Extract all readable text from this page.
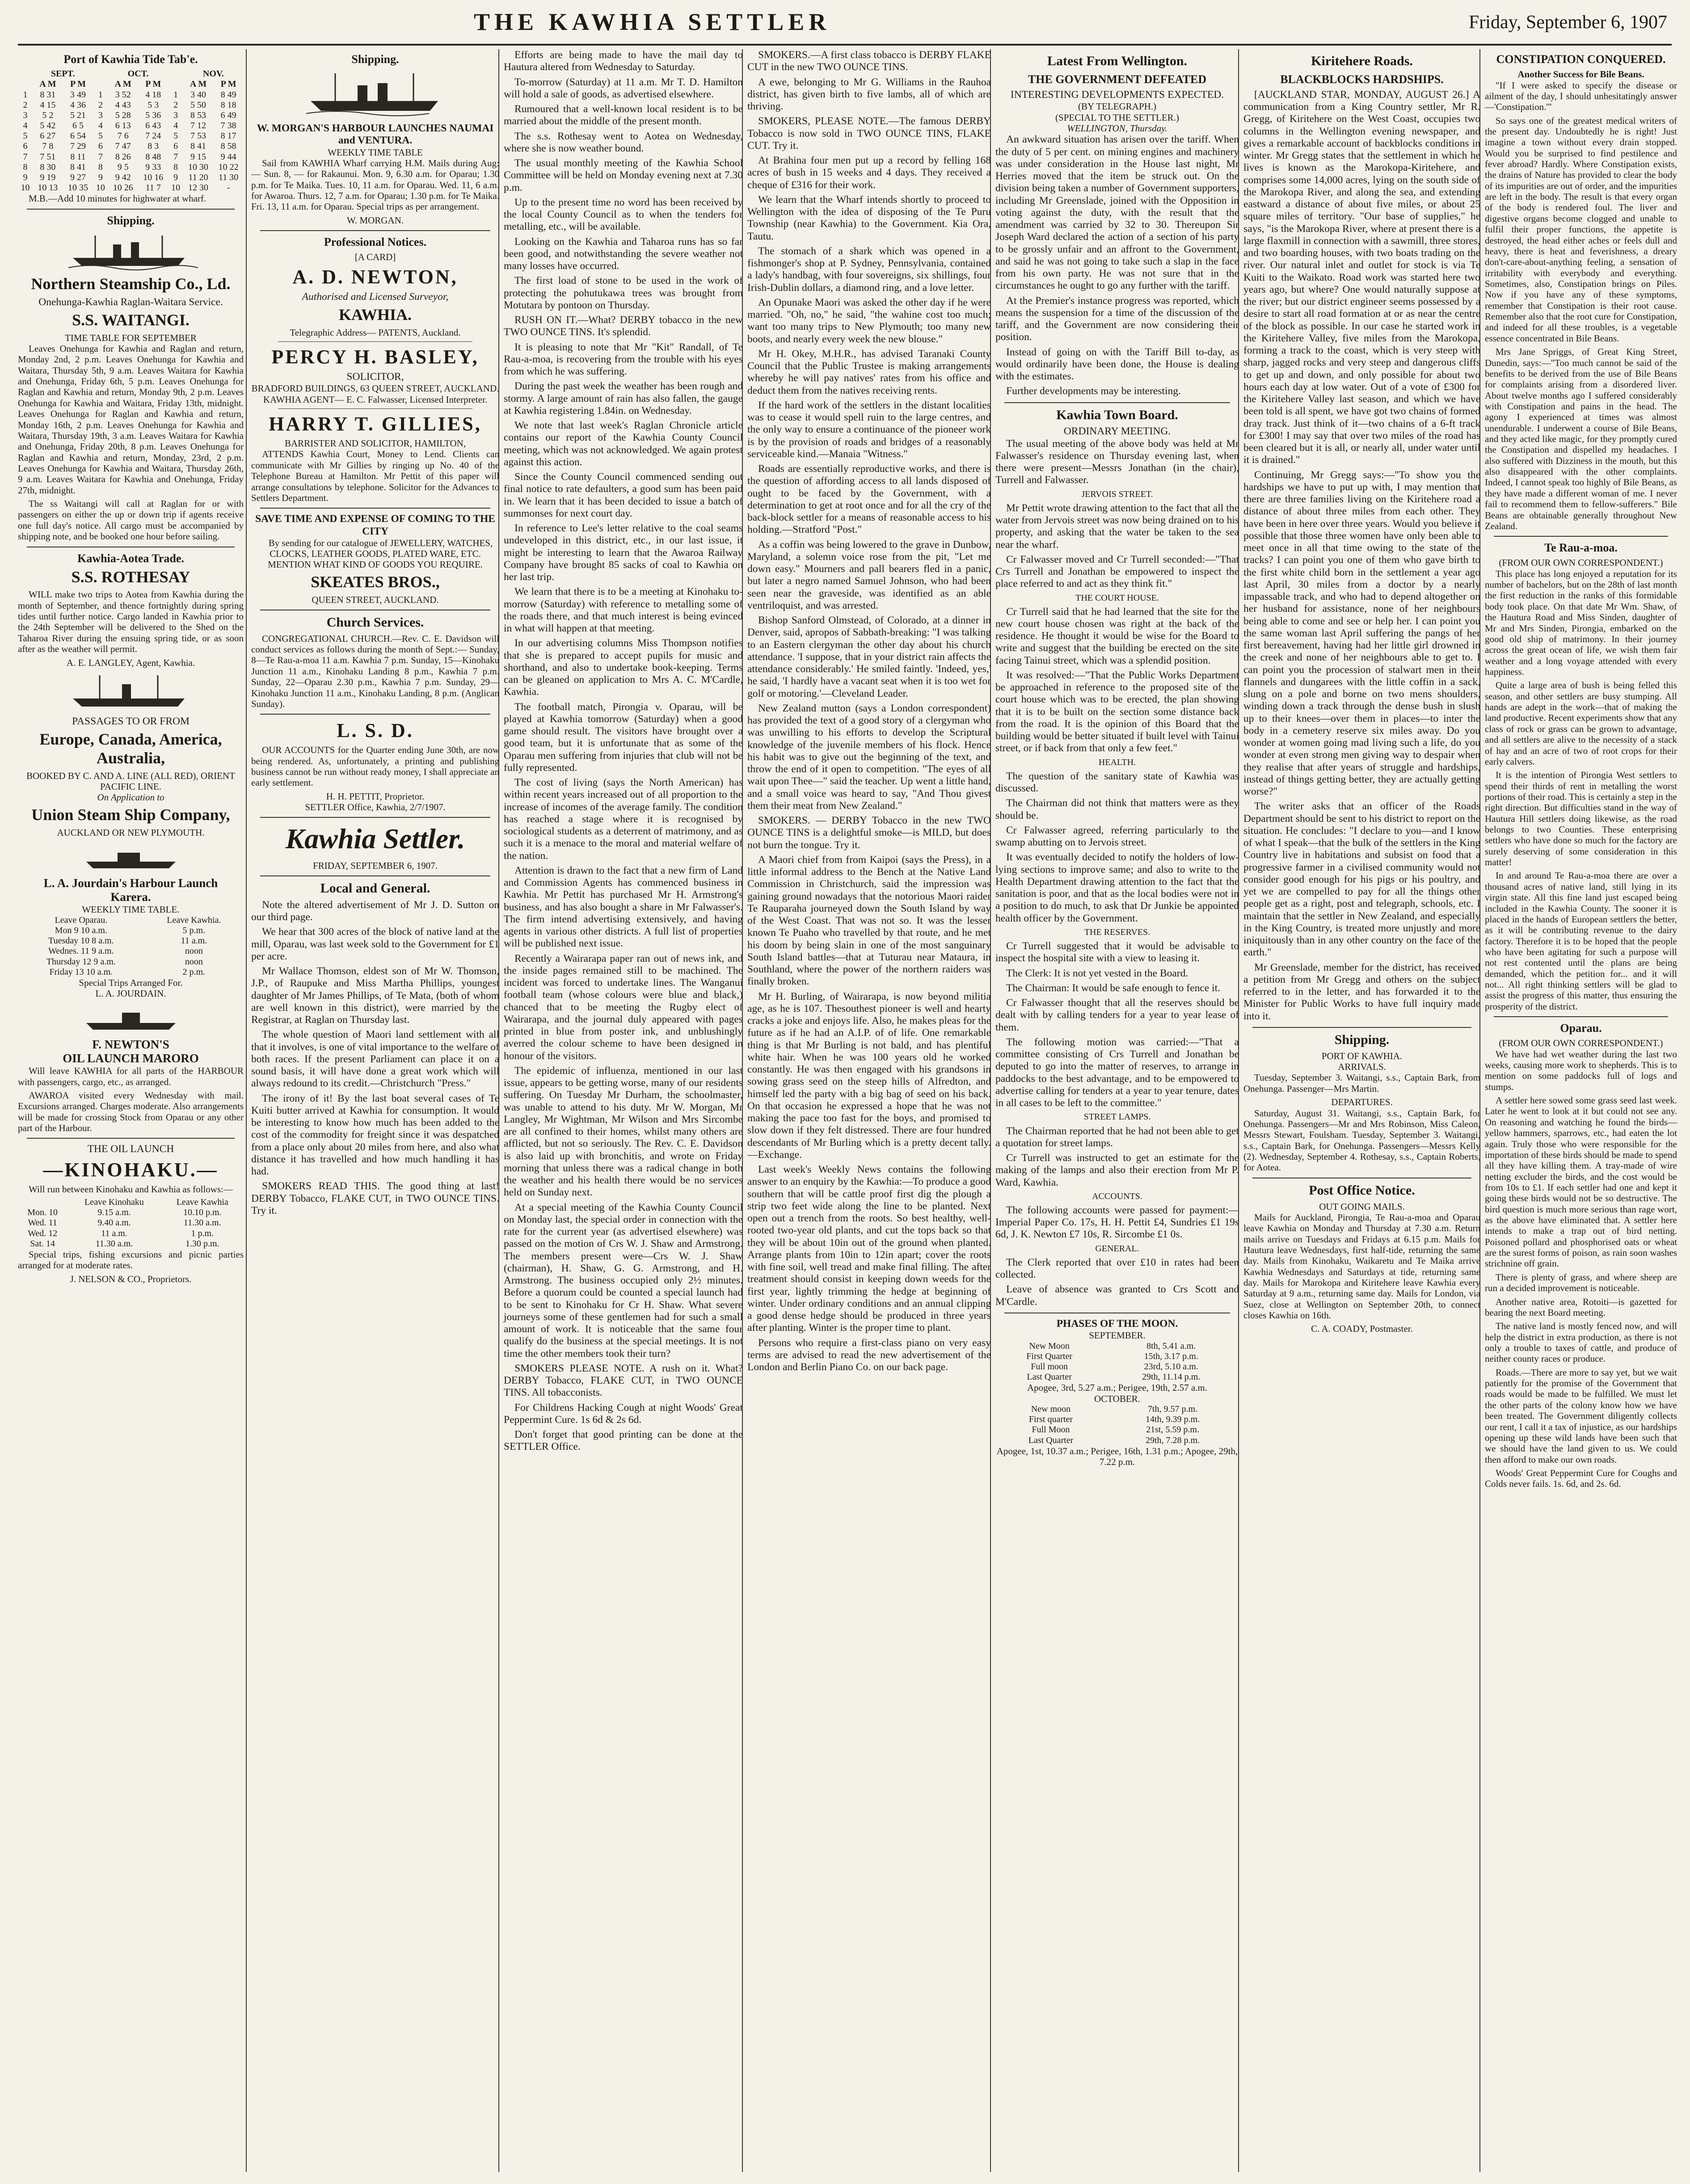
THE KAWHIA SETTLER	Friday, September 6, 1907
Port of Kawhia Tide Tab'e.
	SEPT.			OCT.			NOV.	
	A M	P M		A M	P M		A M	P M
1	8 31	3 49	1	3 52	4 18	1	3 40	8 49
2	4 15	4 36	2	4 43	5 3	2	5 50	8 18
3	5 2	5 21	3	5 28	5 36	3	8 53	6 49
4	5 42	6 5	4	6 13	6 43	4	7 12	7 38
5	6 27	6 54	5	7 6	7 24	5	7 53	8 17
6	7 8	7 29	6	7 47	8 3	6	8 41	8 58
7	7 51	8 11	7	8 26	8 48	7	9 15	9 44
8	8 30	8 41	8	9 5	9 33	8	10 30	10 22
9	9 19	9 27	9	9 42	10 16	9	11 20	11 30
10	10 13	10 35	10	10 26	11 7	10	12 30	-

M.B.—Add 10 minutes for highwater at wharf.

Shipping.
Northern Steamship Co., Ld.
Onehunga-Kawhia Raglan-Waitara Service.
S.S. WAITANGI.
TIME TABLE FOR SEPTEMBER

Leaves Onehunga for Kawhia and Raglan and return, Monday 2nd, 2 p.m. Leaves Onehunga for Kawhia and Waitara, Thursday 5th, 9 a.m. Leaves Waitara for Kawhia and Onehunga, Friday 6th, 5 p.m. Leaves Onehunga for Raglan and Kawhia and return, Monday 9th, 2 p.m. Leaves Onehunga for Kawhia and Waitara, Friday 13th, midnight. Leaves Onehunga for Raglan and Kawhia and return, Monday 16th, 2 p.m. Leaves Onehunga for Kawhia and Waitara, Thursday 19th, 3 a.m. Leaves Waitara for Kawhia and Onehunga, Friday 20th, 8 p.m. Leaves Onehunga for Raglan and Kawhia and return, Monday, 23rd, 2 p.m. Leaves Onehunga for Kawhia and Waitara, Thursday 26th, 9 a.m. Leaves Waitara for Kawhia and Onehunga, Friday 27th, midnight.

The ss Waitangi will call at Raglan for or with passengers on either the up or down trip if agents receive one full day's notice. All cargo must be accompanied by shipping note, and be booked one hour before sailing.

Kawhia-Aotea Trade.
S.S. ROTHESAY

WILL make two trips to Aotea from Kawhia during the month of September, and thence fortnightly during spring tides until further notice. Cargo landed in Kawhia prior to the 24th September will be delivered to the Shed on the Taharoa River during the ensuing spring tide, or as soon after as the weather will permit.

A. E. LANGLEY, Agent, Kawhia.
PASSAGES TO OR FROM
Europe, Canada, America, Australia,
BOOKED BY C. AND A. LINE (ALL RED), ORIENT PACIFIC LINE.
On Application to
Union Steam Ship Company,
AUCKLAND OR NEW PLYMOUTH.
L. A. Jourdain's Harbour Launch
Karera.
WEEKLY TIME TABLE.
Leave Oparau.	Leave Kawhia.
Mon 9 10 a.m.	5 p.m.
Tuesday 10 8 a.m.	11 a.m.
Wednes. 11 9 a.m.	noon
Thursday 12 9 a.m.	noon
Friday 13 10 a.m.	2 p.m.
Special Trips Arranged For.
L. A. JOURDAIN.
F. NEWTON'S
OIL LAUNCH MARORO

Will leave KAWHIA for all parts of the HARBOUR with passengers, cargo, etc., as arranged.

AWAROA visited every Wednesday with mail. Excursions arranged. Charges moderate. Also arrangements will be made for crossing Stock from Oparau or any other part of the Harbour.

THE OIL LAUNCH
—KINOHAKU.—

Will run between Kinohaku and Kawhia as follows:—

	Leave Kinohaku	Leave Kawhia
Mon. 10	9.15 a.m.	10.10 p.m.
Wed. 11	9.40 a.m.	11.30 a.m.
Wed. 12	11 a.m.	1 p.m.
Sat. 14	11.30 a.m.	1.30 p.m.

Special trips, fishing excursions and picnic parties arranged for at moderate rates.

J. NELSON & CO., Proprietors.
Shipping.
W. MORGAN'S HARBOUR LAUNCHES NAUMAI and VENTURA.
WEEKLY TIME TABLE

Sail from KAWHIA Wharf carrying H.M. Mails during Aug:— Sun. 8, — for Rakaunui. Mon. 9, 6.30 a.m. for Oparau; 1.30 p.m. for Te Maika. Tues. 10, 11 a.m. for Oparau. Wed. 11, 6 a.m. for Awaroa. Thurs. 12, 7 a.m. for Oparau; 1.30 p.m. for Te Maika. Fri. 13, 11 a.m. for Oparau. Special trips as per arrangement.

W. MORGAN.
Professional Notices.
[A CARD]
A. D. NEWTON,
Authorised and Licensed Surveyor,
KAWHIA.
Telegraphic Address— PATENTS, Auckland.
PERCY H. BASLEY,
SOLICITOR,
BRADFORD BUILDINGS, 63 QUEEN STREET, AUCKLAND.
KAWHIA AGENT— E. C. Falwasser, Licensed Interpreter.
HARRY T. GILLIES,
BARRISTER AND SOLICITOR, HAMILTON,

ATTENDS Kawhia Court, Money to Lend. Clients can communicate with Mr Gillies by ringing up No. 40 of the Telephone Bureau at Hamilton. Mr Pettit of this paper will arrange consultations by telephone. Solicitor for the Advances to Settlers Department.

SAVE TIME AND EXPENSE OF COMING TO THE CITY

By sending for our catalogue of JEWELLERY, WATCHES, CLOCKS, LEATHER GOODS, PLATED WARE, ETC. MENTION WHAT KIND OF GOODS YOU REQUIRE.

SKEATES BROS.,
QUEEN STREET, AUCKLAND.
Church Services.

CONGREGATIONAL CHURCH.—Rev. C. E. Davidson will conduct services as follows during the month of Sept.:— Sunday, 8—Te Rau-a-moa 11 a.m. Kawhia 7 p.m. Sunday, 15—Kinohaku Junction 11 a.m., Kinohaku Landing 8 p.m., Kawhia 7 p.m. Sunday, 22—Oparau 2.30 p.m., Kawhia 7 p.m. Sunday, 29—Kinohaku Junction 11 a.m., Kinohaku Landing, 8 p.m. (Anglican Sunday).

L. S. D.

OUR ACCOUNTS for the Quarter ending June 30th, are now being rendered. As, unfortunately, a printing and publishing business cannot be run without ready money, I shall appreciate an early settlement.

H. H. PETTIT, Proprietor.
SETTLER Office, Kawhia, 2/7/1907.
Kawhia Settler.
FRIDAY, SEPTEMBER 6, 1907.
Local and General.

Note the altered advertisement of Mr J. D. Sutton on our third page.

We hear that 300 acres of the block of native land at the mill, Oparau, was last week sold to the Government for £1 per acre.

Mr Wallace Thomson, eldest son of Mr W. Thomson, J.P., of Raupuke and Miss Martha Phillips, youngest daughter of Mr James Phillips, of Te Mata, (both of whom are well known in this district), were married by the Registrar, at Raglan on Thursday last.

The whole question of Maori land settlement with all that it involves, is one of vital importance to the welfare of both races. If the present Parliament can place it on a sound basis, it will have done a great work which will always redound to its credit.—Christchurch "Press."

The irony of it! By the last boat several cases of Te Kuiti butter arrived at Kawhia for consumption. It would be interesting to know how much has been added to the cost of the commodity for freight since it was despatched from a place only about 20 miles from here, and also what distance it has travelled and how much handling it has had.

SMOKERS READ THIS. The good thing at last! DERBY Tobacco, FLAKE CUT, in TWO OUNCE TINS. Try it.

Efforts are being made to have the mail day to Hautura altered from Wednesday to Saturday.

To-morrow (Saturday) at 11 a.m. Mr T. D. Hamilton will hold a sale of goods, as advertised elsewhere.

Rumoured that a well-known local resident is to be married about the middle of the present month.

The s.s. Rothesay went to Aotea on Wednesday, where she is now weather bound.

The usual monthly meeting of the Kawhia School Committee will be held on Monday evening next at 7.30 p.m.

Up to the present time no word has been received by the local County Council as to when the tenders for metalling, etc., will be available.

Looking on the Kawhia and Taharoa runs has so far been good, and notwithstanding the severe weather not many losses have occurred.

The first load of stone to be used in the work of protecting the pohutukawa trees was brought from Motutara by pontoon on Thursday.

RUSH ON IT.—What? DERBY tobacco in the new TWO OUNCE TINS. It's splendid.

It is pleasing to note that Mr "Kit" Randall, of Te Rau-a-moa, is recovering from the trouble with his eyes from which he was suffering.

During the past week the weather has been rough and stormy. A large amount of rain has also fallen, the gauge at Kawhia registering 1.84in. on Wednesday.

We note that last week's Raglan Chronicle article contains our report of the Kawhia County Council meeting, which was not acknowledged. We again protest against this action.

Since the County Council commenced sending out final notice to rate defaulters, a good sum has been paid in. We learn that it has been decided to issue a batch of summonses for next court day.

In reference to Lee's letter relative to the coal seams undeveloped in this district, etc., in our last issue, it might be interesting to learn that the Awaroa Railway Company have brought 85 sacks of coal to Kawhia on her last trip.

We learn that there is to be a meeting at Kinohaku to-morrow (Saturday) with reference to metalling some of the roads there, and that much interest is being evinced in what will happen at that meeting.

In our advertising columns Miss Thompson notifies that she is prepared to accept pupils for music and shorthand, and also to undertake book-keeping. Terms can be gleaned on application to Mrs A. C. M'Cardle, Kawhia.

The football match, Pirongia v. Oparau, will be played at Kawhia tomorrow (Saturday) when a good game should result. The visitors have brought over a good team, but it is unfortunate that as some of the Oparau men suffering from injuries that club will not be fully represented.

The cost of living (says the North American) has within recent years increased out of all proportion to the increase of incomes of the average family. The condition has reached a stage where it is recognised by sociological students as a deterrent of matrimony, and as such it is a menace to the moral and material welfare of the nation.

Attention is drawn to the fact that a new firm of Land and Commission Agents has commenced business in Kawhia. Mr Pettit has purchased Mr H. Armstrong's business, and has also bought a share in Mr Falwasser's. The firm intend advertising extensively, and having agents in various other districts. A full list of properties will be published next issue.

Recently a Wairarapa paper ran out of news ink, and the inside pages remained still to be machined. The incident was forced to undertake lines. The Wanganui football team (whose colours were blue and black,) chanced that to be meeting the Rugby elect of Wairarapa, and the journal duly appeared with pages printed in blue from poster ink, and unblushingly averred the colour scheme to have been designed in honour of the visitors.

The epidemic of influenza, mentioned in our last issue, appears to be getting worse, many of our residents suffering. On Tuesday Mr Durham, the schoolmaster, was unable to attend to his duty. Mr W. Morgan, Mr Langley, Mr Wightman, Mr Wilson and Mrs Sircombe are all confined to their homes, whilst many others are afflicted, but not so seriously. The Rev. C. E. Davidson is also laid up with bronchitis, and wrote on Friday morning that unless there was a radical change in both the weather and his health there would be no services held on Sunday next.

At a special meeting of the Kawhia County Council on Monday last, the special order in connection with the rate for the current year (as advertised elsewhere) was passed on the motion of Crs W. J. Shaw and Armstrong. The members present were—Crs W. J. Shaw (chairman), H. Shaw, G. G. Armstrong, and H. Armstrong. The business occupied only 2½ minutes. Before a quorum could be counted a special launch had to be sent to Kinohaku for Cr H. Shaw. What severe journeys some of these gentlemen had for such a small amount of work. It is noticeable that the same four qualify do the business at the special meetings. It is not time the other members took their turn?

SMOKERS PLEASE NOTE. A rush on it. What? DERBY Tobacco, FLAKE CUT, in TWO OUNCE TINS. All tobacconists.

For Childrens Hacking Cough at night Woods' Great Peppermint Cure. 1s 6d & 2s 6d.

Don't forget that good printing can be done at the SETTLER Office.

SMOKERS.—A first class tobacco is DERBY FLAKE CUT in the new TWO OUNCE TINS.

A ewe, belonging to Mr G. Williams in the Rauhoa district, has given birth to five lambs, all of which are thriving.

SMOKERS, PLEASE NOTE.—The famous DERBY Tobacco is now sold in TWO OUNCE TINS, FLAKE CUT. Try it.

At Brahina four men put up a record by felling 168 acres of bush in 15 weeks and 4 days. They received a cheque of £316 for their work.

We learn that the Wharf intends shortly to proceed to Wellington with the idea of disposing of the Te Puru Township (near Kawhia) to the Government. Kia Ora, Tautu.

The stomach of a shark which was opened in a fishmonger's shop at P. Sydney, Pennsylvania, contained a lady's handbag, with four sovereigns, six shillings, four Irish-Dublin dollars, a diamond ring, and a love letter.

An Opunake Maori was asked the other day if he were married. "Oh, no," he said, "the wahine cost too much; want too many trips to New Plymouth; too many new boots, and nearly every week the new blouse."

Mr H. Okey, M.H.R., has advised Taranaki County Council that the Public Trustee is making arrangements whereby he will pay natives' rates from his office and deduct them from the natives receiving rents.

If the hard work of the settlers in the distant localities was to cease it would spell ruin to the large centres, and the only way to ensure a continuance of the pioneer work is by the provision of roads and bridges of a reasonably serviceable kind.—Manaia "Witness."

Roads are essentially reproductive works, and there is the question of affording access to all lands disposed of ought to be faced by the Government, with a determination to get at root once and for all the cry of the back-block settler for a means of reasonable access to his holding.—Stratford "Post."

As a coffin was being lowered to the grave in Dunbow, Maryland, a solemn voice rose from the pit, "Let me down easy." Mourners and pall bearers fled in a panic, but later a negro named Samuel Johnson, who had been seen near the graveside, was identified as an able ventriloquist, and was arrested.

Bishop Sanford Olmstead, of Colorado, at a dinner in Denver, said, apropos of Sabbath-breaking: "I was talking to an Eastern clergyman the other day about his church attendance. 'I suppose, that in your district rain affects the attendance considerably.' He smiled faintly. 'Indeed, yes,' he said, 'I hardly have a vacant seat when it is too wet for golf or motoring.'—Cleveland Leader.

New Zealand mutton (says a London correspondent) has provided the text of a good story of a clergyman who was unwilling to his efforts to develop the Scriptural knowledge of the juvenile members of his flock. Hence his habit was to give out the beginning of the text, and throw the end of it open to competition. "The eyes of all wait upon Thee—" said the teacher. Up went a little hand, and a small voice was heard to say, "And Thou givest them their meat from New Zealand."

SMOKERS. — DERBY Tobacco in the new TWO OUNCE TINS is a delightful smoke—is MILD, but does not burn the tongue. Try it.

A Maori chief from from Kaipoi (says the Press), in a little informal address to the Bench at the Native Land Commission in Christchurch, said the impression was gaining ground nowadays that the notorious Maori raider Te Rauparaha journeyed down the South Island by way of the West Coast. That was not so. It was the lesser known Te Puaho who travelled by that route, and he met his doom by being slain in one of the most sanguinary South Island battles—that at Tuturau near Mataura, in Southland, where the power of the northern raiders was finally broken.

Mr H. Burling, of Wairarapa, is now beyond militia age, as he is 107. Thesouthest pioneer is well and hearty cracks a joke and enjoys life. Also, he makes pleas for the future as if he had an A.I.P. of of life. One remarkable thing is that Mr Burling is not bald, and has plentiful white hair. When he was 100 years old he worked constantly. He was then engaged with his grandsons in sowing grass seed on the steep hills of Alfredton, and himself led the party with a big bag of seed on his back. On that occasion he expressed a hope that he was not making the pace too fast for the boys, and promised to slow down if they felt distressed. There are four hundred descendants of Mr Burling which is a pretty decent tally.—Exchange.

Last week's Weekly News contains the following answer to an enquiry by the Kawhia:—To produce a good southern that will be cattle proof first dig the plough a strip two feet wide along the line to be planted. Next open out a trench from the roots. So best healthy, well-rooted two-year old plants, and cut the tops back so that they will be about 10in out of the ground when planted. Arrange plants from 10in to 12in apart; cover the roots with fine soil, well tread and make final filling. The after treatment should consist in keeping down weeds for the first year, lightly trimming the hedge at beginning of winter. Under ordinary conditions and an annual clipping a good dense hedge should be produced in three years after planting. Winter is the proper time to plant.

Persons who require a first-class piano on very easy terms are advised to read the new advertisement of the London and Berlin Piano Co. on our back page.

Latest From Wellington.
THE GOVERNMENT DEFEATED
INTERESTING DEVELOPMENTS EXPECTED.
(BY TELEGRAPH.)
(SPECIAL TO THE SETTLER.)
WELLINGTON, Thursday.

An awkward situation has arisen over the tariff. When the duty of 5 per cent. on mining engines and machinery was under consideration in the House last night, Mr Herries moved that the item be struck out. On the division being taken a number of Government supporters, including Mr Greenslade, joined with the Opposition in voting against the duty, with the result that the amendment was carried by 32 to 30. Thereupon Sir Joseph Ward declared the action of a section of his party to be grossly unfair and an affront to the Government, and said he was not going to take such a slap in the face from his own party. He was not sure that in the circumstances he ought to go any further with the tariff.

At the Premier's instance progress was reported, which means the suspension for a time of the discussion of the tariff, and the Government are now considering their position.

Instead of going on with the Tariff Bill to-day, as would ordinarily have been done, the House is dealing with the estimates.

Further developments may be interesting.

Kawhia Town Board.
ORDINARY MEETING.

The usual meeting of the above body was held at Mr Falwasser's residence on Thursday evening last, when there were present—Messrs Jonathan (in the chair), Turrell and Falwasser.

JERVOIS STREET.

Mr Pettit wrote drawing attention to the fact that all the water from Jervois street was now being drained on to his property, and asking that the water be taken to the sea near the wharf.

Cr Falwasser moved and Cr Turrell seconded:—"That Crs Turrell and Jonathan be empowered to inspect the place referred to and act as they think fit."

THE COURT HOUSE.

Cr Turrell said that he had learned that the site for the new court house chosen was right at the back of the residence. He thought it would be wise for the Board to write and suggest that the building be erected on the site facing Tainui street, which was a splendid position.

It was resolved:—"That the Public Works Department be approached in reference to the proposed site of the court house which was to be erected, the plan showing that it is to be built on the section some distance back from the road. It is the opinion of this Board that the building would be better situated if built level with Tainui street, or if back from that only a few feet."

HEALTH.

The question of the sanitary state of Kawhia was discussed.

The Chairman did not think that matters were as they should be.

Cr Falwasser agreed, referring particularly to the swamp abutting on to Jervois street.

It was eventually decided to notify the holders of low-lying sections to improve same; and also to write to the Health Department drawing attention to the fact that the sanitation is poor, and that as the local bodies were not in a position to do much, to ask that Dr Junkie be appointed health officer by the Government.

THE RESERVES.

Cr Turrell suggested that it would be advisable to inspect the hospital site with a view to leasing it.

The Clerk: It is not yet vested in the Board.

The Chairman: It would be safe enough to fence it.

Cr Falwasser thought that all the reserves should be dealt with by calling tenders for a year to year lease of them.

The following motion was carried:—"That a committee consisting of Crs Turrell and Jonathan be deputed to go into the matter of reserves, to arrange in paddocks to the best advantage, and to be empowered to advertise calling for tenders at a year to year tenure, dates in all cases to be left to the committee."

STREET LAMPS.

The Chairman reported that he had not been able to get a quotation for street lamps.

Cr Turrell was instructed to get an estimate for the making of the lamps and also their erection from Mr P. Ward, Kawhia.

ACCOUNTS.

The following accounts were passed for payment:—Imperial Paper Co. 17s, H. H. Pettit £4, Sundries £1 19s 6d, J. K. Newton £7 10s, R. Sircombe £1 0s.

GENERAL.

The Clerk reported that over £10 in rates had been collected.

Leave of absence was granted to Crs Scott and M'Cardle.

PHASES OF THE MOON.
SEPTEMBER.
New Moon	8th, 5.41 a.m.
First Quarter	15th, 3.17 p.m.
Full moon	23rd, 5.10 a.m.
Last Quarter	29th, 11.14 p.m.
Apogee, 3rd, 5.27 a.m.; Perigee, 19th, 2.57 a.m.
OCTOBER.
New moon	7th, 9.57 p.m.
First quarter	14th, 9.39 p.m.
Full Moon	21st, 5.59 p.m.
Last Quarter	29th, 7.28 p.m.
Apogee, 1st, 10.37 a.m.; Perigee, 16th, 1.31 p.m.; Apogee, 29th, 7.22 p.m.
Kiritehere Roads.
BLACKBLOCKS HARDSHIPS.

[AUCKLAND STAR, MONDAY, AUGUST 26.] A communication from a King Country settler, Mr R. Gregg, of Kiritehere on the West Coast, occupies two columns in the Wellington evening newspaper, and gives a remarkable account of backblocks conditions in winter. Mr Gregg states that the settlement in which he lives is known as the Marokopa-Kiritehere, and comprises some 14,000 acres, lying on the south side of the Marokopa River, and along the sea, and extending eastward a distance of about five miles, or about 25 square miles of territory. "Our base of supplies," he says, "is the Marokopa River, where at present there is a large flaxmill in connection with a sawmill, three stores, and two boarding houses, with two boats trading on the river. Our natural inlet and outlet for stock is via Te Kuiti to the Waikato. Road work was started here two years ago, but where? One would naturally suppose at the river; but our district engineer seems possessed by a desire to start all road formation at or as near the centre of the block as possible. In our case he started work in the Kiritehere Valley, five miles from the Marokopa, forming a track to the coast, which is very steep with sharp, jagged rocks and very steep and dangerous cliffs to get up and down, and only possible for about two hours each day at low water. Out of a vote of £300 for the Kiritehere Valley last season, and which we have been told is all spent, we have got two chains of formed dray track. Just think of it—two chains of a 6-ft track for £300! I may say that over two miles of the road has been cleared but it is all, or nearly all, under water until it is drained."

Continuing, Mr Gregg says:—"To show you the hardships we have to put up with, I may mention that there are three families living on the Kiritehere road a distance of about three miles from each other. They have been in here over three years. Would you believe it possible that those three women have only been able to meet once in all that time owing to the state of the tracks? I can point you one of them who gave birth to the first white child born in the settlement a year ago last April, 30 miles from a doctor by a nearly impassable track, and who had to depend altogether on her husband for assistance, none of her neighbours being able to come and see or help her. I can point you the same woman last April suffering the pangs of her first bereavement, having had her little girl drowned in the creek and none of her neighbours able to get to. I can point you the procession of stalwart men in their flannels and dungarees with the little coffin in a sack, slung on a pole and borne on two mens shoulders, winding down a track through the dense bush in slush up to their knees—over them in places—to inter the body in a cemetery reserve six miles away. Do you wonder at women going mad living such a life, do you wonder at even strong men giving way to despair when they realise that after years of struggle and hardships, instead of things getting better, they are actually getting worse?"

The writer asks that an officer of the Roads Department should be sent to his district to report on the situation. He concludes: "I declare to you—and I know of what I speak—that the bulk of the settlers in the King Country live in habitations and subsist on food that a progressive farmer in a civilised community would not consider good enough for his pigs or his poultry, and yet we are compelled to pay for all the things other people get as a right, post and telegraph, schools, etc. I maintain that the settler in New Zealand, and especially in the King Country, is treated more unjustly and more iniquitously than in any other country on the face of the earth."

Mr Greenslade, member for the district, has received a petition from Mr Gregg and others on the subject referred to in the letter, and has forwarded it to the Minister for Public Works to have full inquiry made into it.

Shipping.
PORT OF KAWHIA.
ARRIVALS.

Tuesday, September 3. Waitangi, s.s., Captain Bark, from Onehunga. Passenger—Mrs Martin.

DEPARTURES.

Saturday, August 31. Waitangi, s.s., Captain Bark, for Onehunga. Passengers—Mr and Mrs Robinson, Miss Caleon, Messrs Stewart, Foulsham. Tuesday, September 3. Waitangi, s.s., Captain Bark, for Onehunga. Passengers—Messrs Kelly (2). Wednesday, September 4. Rothesay, s.s., Captain Roberts, for Aotea.

Post Office Notice.
OUT GOING MAILS.

Mails for Auckland, Pirongia, Te Rau-a-moa and Oparau leave Kawhia on Monday and Thursday at 7.30 a.m. Return mails arrive on Tuesdays and Fridays at 6.15 p.m. Mails for Hautura leave Wednesdays, first half-tide, returning the same day. Mails from Kinohaku, Waikaretu and Te Maika arrive Kawhia Wednesdays and Saturdays at tide, returning same day. Mails for Marokopa and Kiritehere leave Kawhia every Saturday at 9 a.m., returning same day. Mails for London, via Suez, close at Wellington on September 20th, to connect closes Kawhia on 16th.

C. A. COADY, Postmaster.
CONSTIPATION CONQUERED.
Another Success for Bile Beans.

"If I were asked to specify the disease or ailment of the day, I should unhesitatingly answer—'Constipation.'"

So says one of the greatest medical writers of the present day. Undoubtedly he is right! Just imagine a town without every drain stopped. Would you be surprised to find pestilence and fever abroad? Hardly. Where Constipation exists, the drains of Nature has provided to clear the body of its impurities are out of order, and the impurities are left in the body. The result is that every organ of the body is rendered foul. The liver and digestive organs become clogged and unable to fulfil their proper functions, the appetite is destroyed, the head either aches or feels dull and heavy, there is heat and feverishness, a dreary don't-care-about-anything feeling, a sensation of irritability with everybody and everything. Sometimes, also, Constipation brings on Piles. Now if you have any of these symptoms, remember that Constipation is their root cause. Remember also that the root cure for Constipation, and indeed for all these troubles, is a vegetable essence concentrated in Bile Beans.

Mrs Jane Spriggs, of Great King Street, Dunedin, says:—"Too much cannot be said of the benefits to be derived from the use of Bile Beans for complaints arising from a disordered liver. About twelve months ago I suffered considerably with Constipation and pains in the head. The agony I experienced at times was almost unendurable. I underwent a course of Bile Beans, and they acted like magic, for they promptly cured the Constipation and dispelled my headaches. I also suffered with Dizziness in the mouth, but this also disappeared with the other complaints. Indeed, I cannot speak too highly of Bile Beans, as they have made a different woman of me. I never fail to recommend them to fellow-sufferers." Bile Beans are obtainable generally throughout New Zealand.

Te Rau-a-moa.
(FROM OUR OWN CORRESPONDENT.)

This place has long enjoyed a reputation for its number of bachelors, but on the 28th of last month the first reduction in the ranks of this formidable body took place. On that date Mr Wm. Shaw, of the Hautura Road and Miss Sinden, daughter of Mr and Mrs Sinden, Pirongia, embarked on the good old ship of matrimony. In their journey across the great ocean of life, we wish them fair weather and a long voyage attended with every happiness.

Quite a large area of bush is being felled this season, and other settlers are busy stumping. All hands are adept in the work—that of making the land productive. Recent experiments show that any class of rock or grass can be grown to advantage, and all settlers are alive to the necessity of a stack of hay and an acre of two of root crops for their early calvers.

It is the intention of Pirongia West settlers to spend their thirds of rent in metalling the worst portions of their road. This is certainly a step in the right direction. But difficulties stand in the way of Hautura Hill settlers doing likewise, as the road belongs to two Counties. These enterprising settlers who have done so much for the factory are surely deserving of some consideration in this matter!

In and around Te Rau-a-moa there are over a thousand acres of native land, still lying in its virgin state. All this fine land just escaped being included in the Kawhia County. The sooner it is placed in the hands of European settlers the better, as it will be contributing revenue to the dairy factory. Therefore it is to be hoped that the people who have been agitating for such a purpose will not rest contented until the plans are being demanded, which the petition for... and it will not... All right thinking settlers will be glad to assist the progress of this matter, thus ensuring the prosperity of the district.

Oparau.
(FROM OUR OWN CORRESPONDENT.)

We have had wet weather during the last two weeks, causing more work to shepherds. This is to mention on some paddocks full of logs and stumps.

A settler here sowed some grass seed last week. Later he went to look at it but could not see any. On reasoning and watching he found the birds—yellow hammers, sparrows, etc., had eaten the lot again. Truly those who were responsible for the importation of these birds should be made to spend all they have killing them. A tray-made of wire netting excluder the birds, and the cost would be from 10s to £1. If each settler had one and kept it going these birds would not be so destructive. The bird question is much more serious than rage wort, as the above have eliminated that. A settler here intends to make a trap out of bird netting. Poisoned pollard and phosphorised oats or wheat are the surest forms of poison, as rain soon washes strichnine off grain.

There is plenty of grass, and where sheep are run a decided improvement is noticeable.

Another native area, Rotoiti—is gazetted for bearing the next Board meeting.

The native land is mostly fenced now, and will help the district in extra production, as there is not only a trouble to taxes of cattle, and produce of neither county races or produce.

Roads.—There are more to say yet, but we wait patiently for the promise of the Government that roads would be made to be fulfilled. We must let the other parts of the colony know how we have been treated. The Government diligently collects our rent, I call it a tax of injustice, as our hardships opening up these wild lands have been such that we should have the land given to us. We could then afford to make our own roads.

Woods' Great Peppermint Cure for Coughs and Colds never fails. 1s. 6d, and 2s. 6d.
